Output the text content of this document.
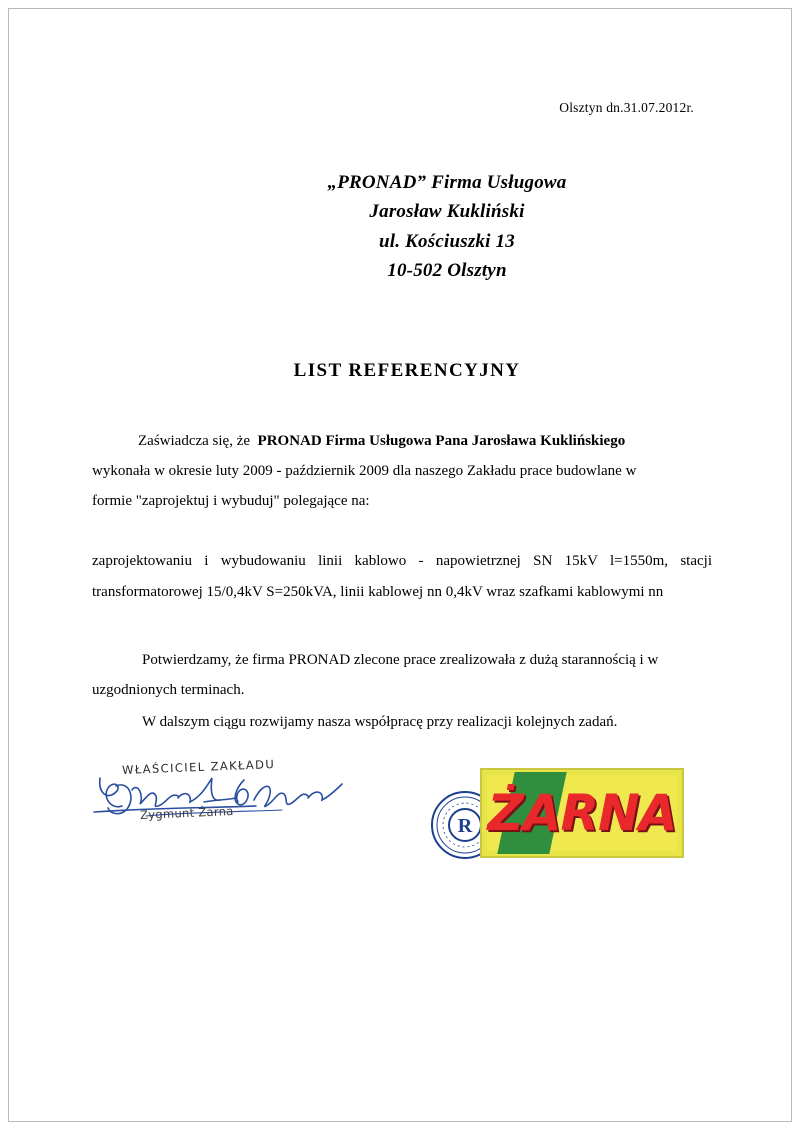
Olsztyn dn.31.07.2012r.
„PRONAD” Firma Usługowa
Jarosław Kukliński
ul. Kościuszki 13
10-502 Olsztyn
LIST REFERENCYJNY
Zaświadcza się, że PRONAD Firma Usługowa Pana Jarosława Kuklińskiego
wykonała w okresie luty 2009 - październik 2009 dla naszego Zakładu prace budowlane w
formie "zaprojektuj i wybuduj" polegające na:
zaprojektowaniu i wybudowaniu linii kablowo - napowietrznej SN 15kV l=1550m, stacji
transformatorowej 15/0,4kV S=250kVA, linii kablowej nn 0,4kV wraz szafkami kablowymi nn
Potwierdzamy, że firma PRONAD zlecone prace zrealizowała z dużą starannością i w
uzgodnionych terminach.
W dalszym ciągu rozwijamy nasza współpracę przy realizacji kolejnych zadań.
WŁAŚCICIEL ZAKŁADU
Zygmunt Żarna
R ŻARNA
